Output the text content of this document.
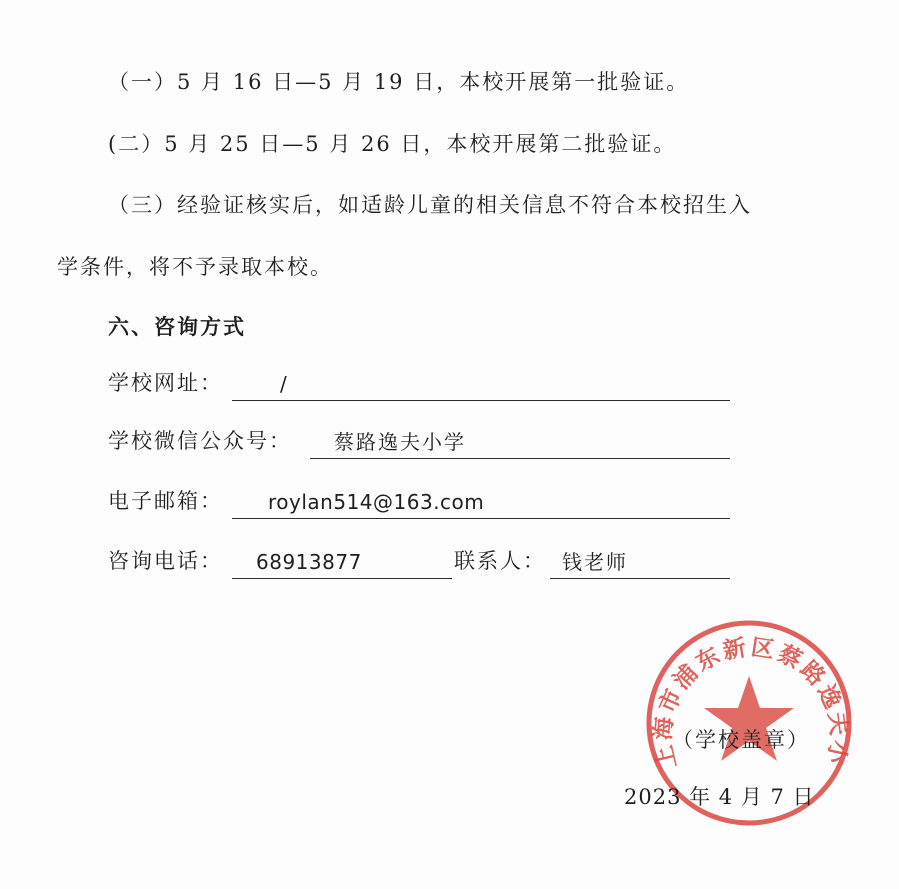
（一）5 月 16 日—5 月 19 日，本校开展第一批验证。
(二）5 月 25 日—5 月 26 日，本校开展第二批验证。
（三）经验证核实后，如适龄儿童的相关信息不符合本校招生入
学条件，将不予录取本校。
六、咨询方式
学校网址：	/
学校微信公众号： 蔡路逸夫小学
电子邮箱： roylan514@163.com
咨询电话： 68913877	联系人： 钱老师
上海市浦东新区蔡路逸夫小
（学校盖章）
2023 年 4 月 7 日
